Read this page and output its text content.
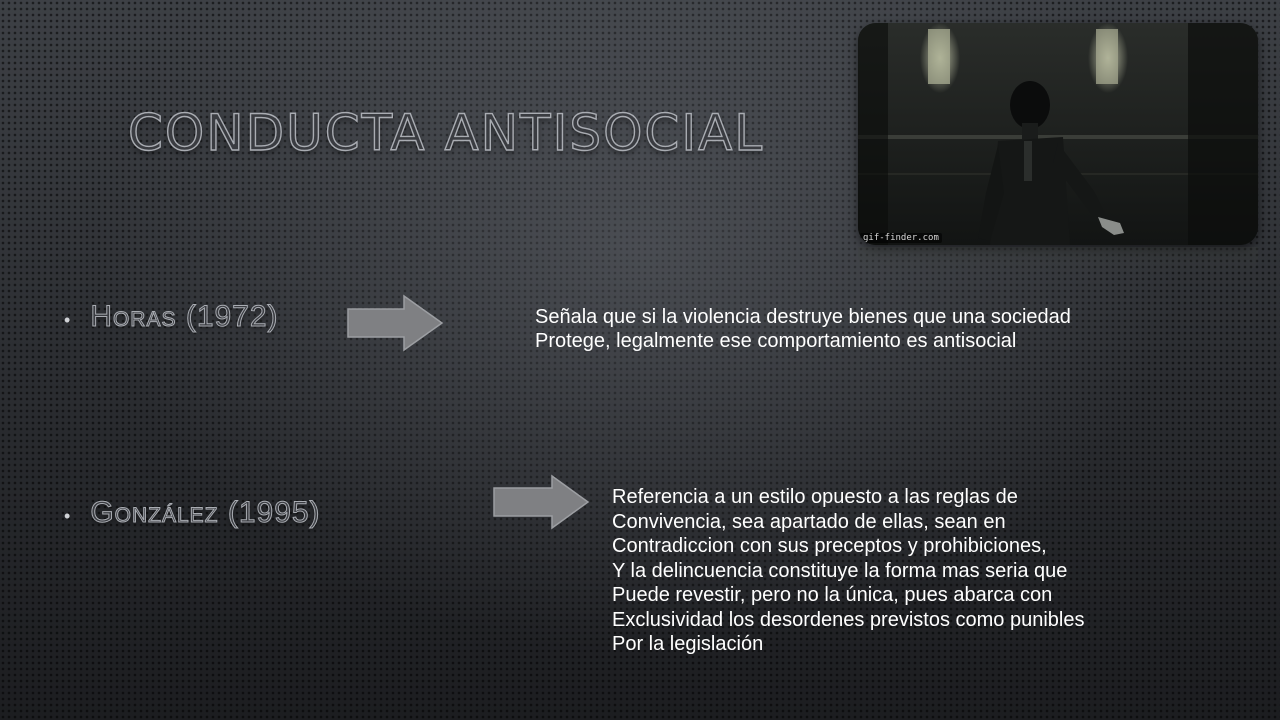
CONDUCTA ANTISOCIAL
gif-finder.com
• Horas (1972)	Señala que si la violencia destruye bienes que una sociedad
Protege, legalmente ese comportamiento es antisocial

• González (1995)	Referencia a un estilo opuesto a las reglas de
Convivencia, sea apartado de ellas, sean en
Contradiccion con sus preceptos y prohibiciones,
Y la delincuencia constituye la forma mas seria que
Puede revestir, pero no la única, pues abarca con
Exclusividad los desordenes previstos como punibles
Por la legislación
